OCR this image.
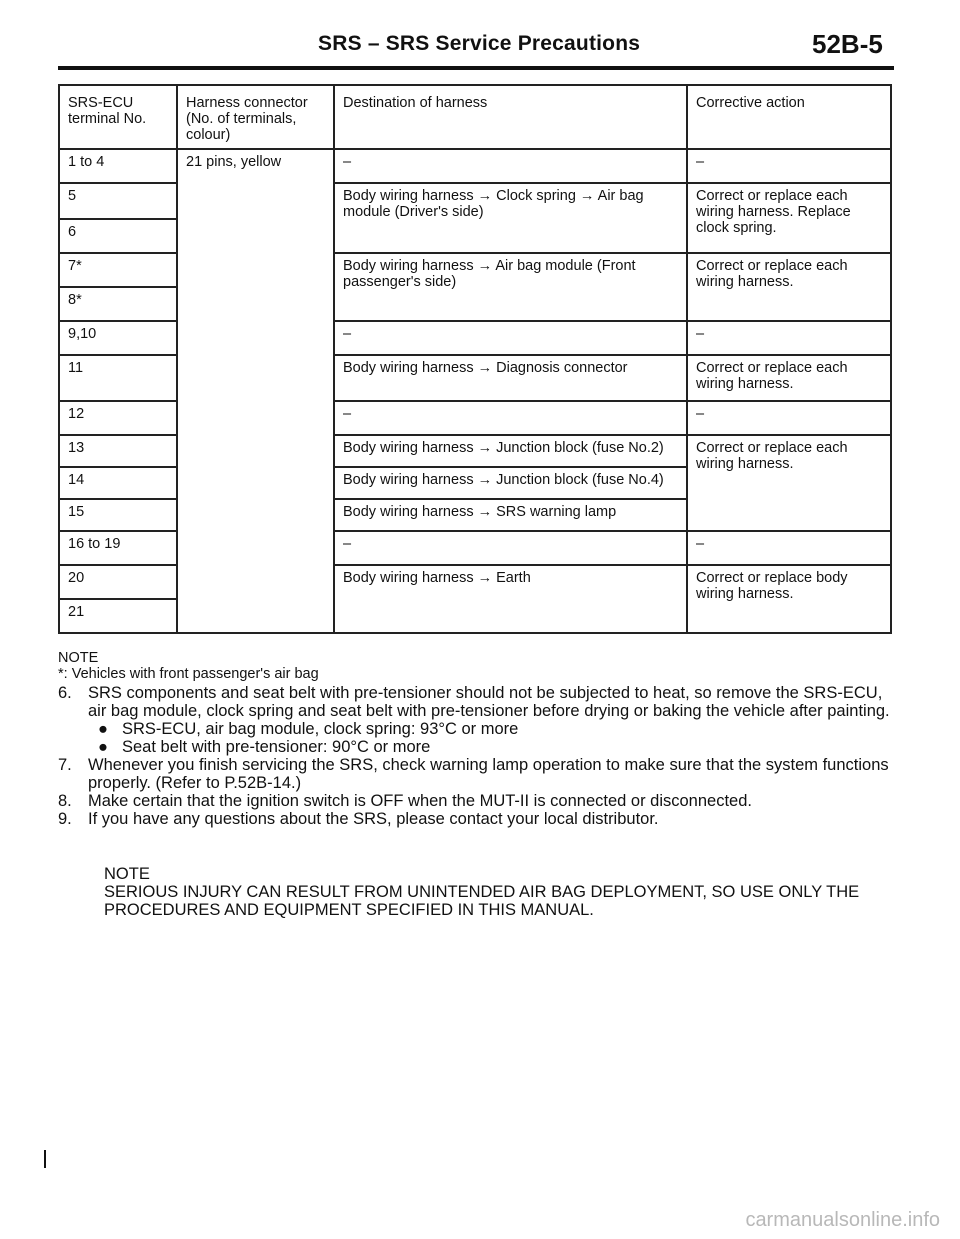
SRS – SRS Service Precautions	52B-5
SRS-ECU terminal No.	Harness connector (No. of terminals, colour)	Destination of harness	Corrective action
1 to 4	21 pins, yellow	–	–
5		Body wiring harness → Clock spring → Air bag module (Driver's side)	Correct or replace each wiring harness. Replace clock spring.
6			
7*		Body wiring harness → Air bag module (Front passenger's side)	Correct or replace each wiring harness.
8*			
9,10		–	–
11		Body wiring harness → Diagnosis connector	Correct or replace each wiring harness.
12		–	–
13		Body wiring harness → Junction block (fuse No.2)	Correct or replace each wiring harness.
14		Body wiring harness → Junction block (fuse No.4)	
15		Body wiring harness → SRS warning lamp	
16 to 19		–	–
20		Body wiring harness → Earth	Correct or replace body wiring harness.
21			
NOTE
*: Vehicles with front passenger's air bag
6. SRS components and seat belt with pre-tensioner should not be subjected to heat, so remove the SRS-ECU, air bag module, clock spring and seat belt with pre-tensioner before drying or baking the vehicle after painting.
● SRS-ECU, air bag module, clock spring: 93°C or more
● Seat belt with pre-tensioner: 90°C or more
7. Whenever you finish servicing the SRS, check warning lamp operation to make sure that the system functions properly. (Refer to P.52B-14.)
8. Make certain that the ignition switch is OFF when the MUT-II is connected or disconnected.
9. If you have any questions about the SRS, please contact your local distributor.
NOTE
SERIOUS INJURY CAN RESULT FROM UNINTENDED AIR BAG DEPLOYMENT, SO USE ONLY THE PROCEDURES AND EQUIPMENT SPECIFIED IN THIS MANUAL.
carmanualsonline.info
